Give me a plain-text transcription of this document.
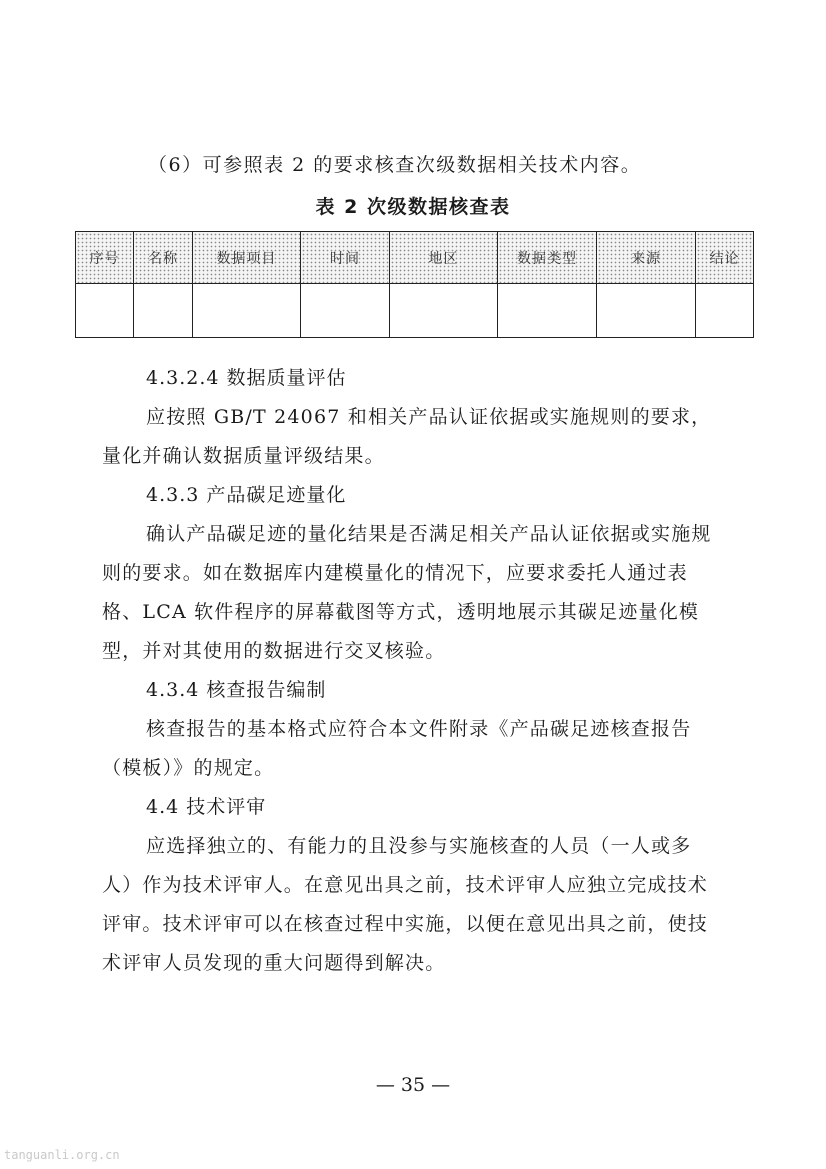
（6）可参照表 2 的要求核查次级数据相关技术内容。

表 2 次级数据核查表

序号	名称	数据项目	时间	地区	数据类型	来源	结论

4.3.2.4 数据质量评估

应按照 GB/T 24067 和相关产品认证依据或实施规则的要求，量化并确认数据质量评级结果。

4.3.3 产品碳足迹量化

确认产品碳足迹的量化结果是否满足相关产品认证依据或实施规则的要求。如在数据库内建模量化的情况下，应要求委托人通过表格、LCA 软件程序的屏幕截图等方式，透明地展示其碳足迹量化模型，并对其使用的数据进行交叉核验。

4.3.4 核查报告编制

核查报告的基本格式应符合本文件附录《产品碳足迹核查报告（模板）》的规定。

4.4 技术评审

应选择独立的、有能力的且没参与实施核查的人员（一人或多人）作为技术评审人。在意见出具之前，技术评审人应独立完成技术评审。技术评审可以在核查过程中实施，以便在意见出具之前，使技术评审人员发现的重大问题得到解决。

— 35 —

tanguanli.org.cn
